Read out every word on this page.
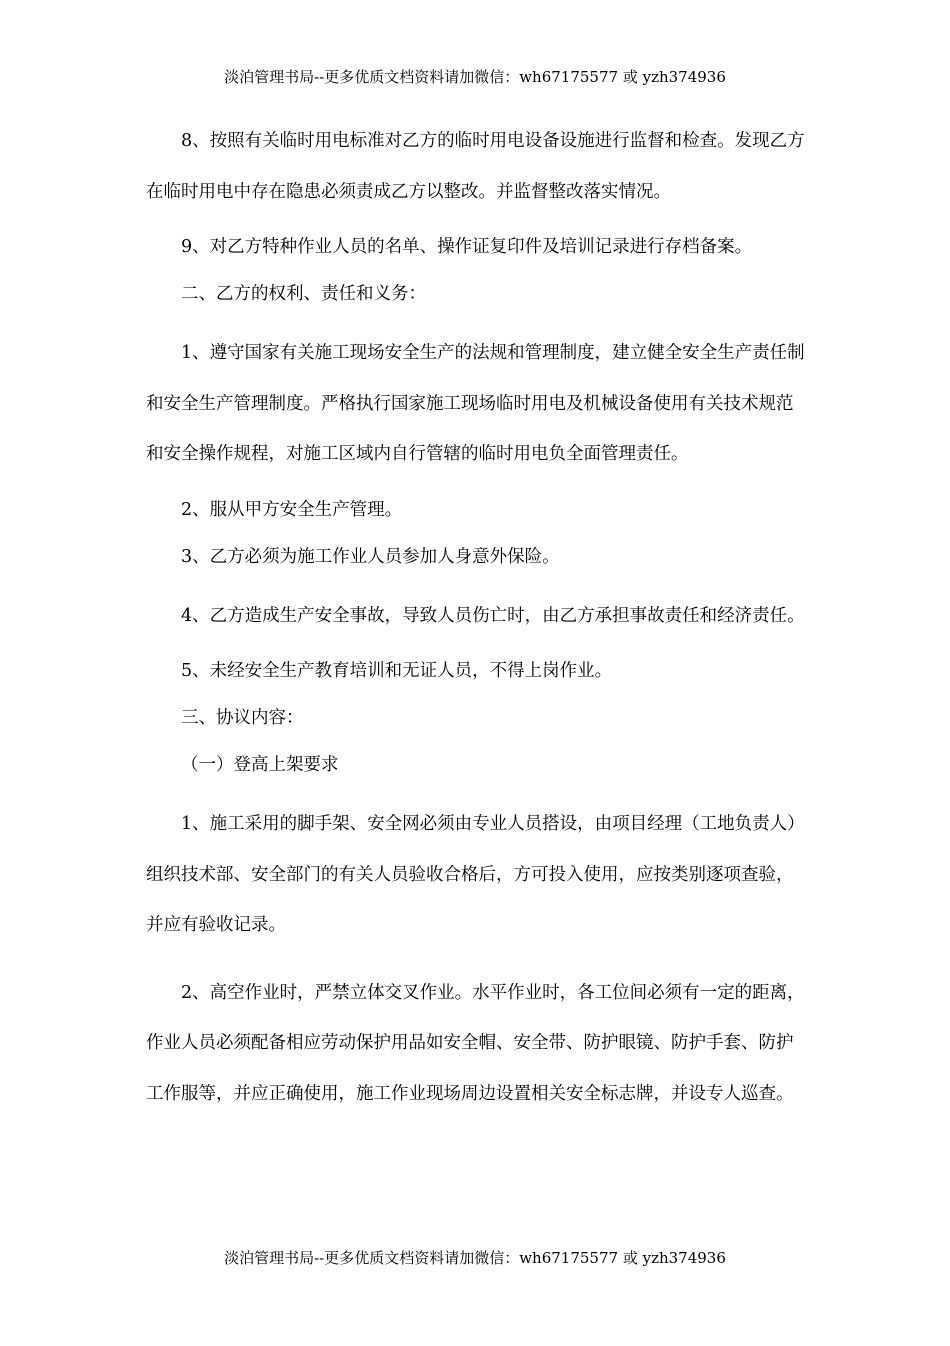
淡泊管理书局--更多优质文档资料请加微信：wh67175577 或 yzh374936

8、按照有关临时用电标准对乙方的临时用电设备设施进行监督和检查。发现乙方在临时用电中存在隐患必须责成乙方以整改。并监督整改落实情况。

9、对乙方特种作业人员的名单、操作证复印件及培训记录进行存档备案。

二、乙方的权利、责任和义务：

1、遵守国家有关施工现场安全生产的法规和管理制度，建立健全安全生产责任制和安全生产管理制度。严格执行国家施工现场临时用电及机械设备使用有关技术规范和安全操作规程，对施工区域内自行管辖的临时用电负全面管理责任。

2、服从甲方安全生产管理。

3、乙方必须为施工作业人员参加人身意外保险。

4、乙方造成生产安全事故，导致人员伤亡时，由乙方承担事故责任和经济责任。

5、未经安全生产教育培训和无证人员，不得上岗作业。

三、协议内容：

（一）登高上架要求

1、施工采用的脚手架、安全网必须由专业人员搭设，由项目经理（工地负责人）组织技术部、安全部门的有关人员验收合格后，方可投入使用，应按类别逐项查验，并应有验收记录。

2、高空作业时，严禁立体交叉作业。水平作业时，各工位间必须有一定的距离，作业人员必须配备相应劳动保护用品如安全帽、安全带、防护眼镜、防护手套、防护工作服等，并应正确使用，施工作业现场周边设置相关安全标志牌，并设专人巡查。

淡泊管理书局--更多优质文档资料请加微信：wh67175577 或 yzh374936
